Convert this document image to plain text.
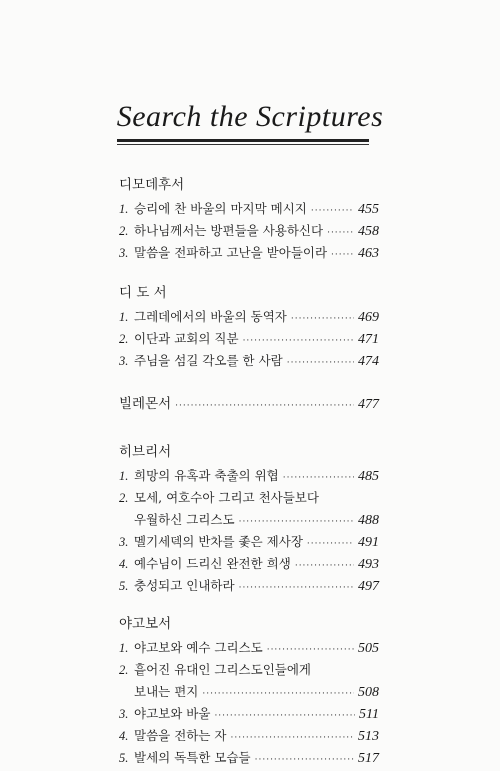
Search the Scriptures
디모데후서
1. 승리에 찬 바울의 마지막 메시지 ·····	455
2. 하나님께서는 방편들을 사용하신다 ····· 458
3. 말씀을 전파하고 고난을 받아들이라 ····· 463
디 도 서
1. 그레데에서의 바울의 동역자 ·····	469
2. 이단과 교회의 직분 ·····	471
3. 주님을 섬길 각오를 한 사람 ·····	474
빌레몬서 ·····	477
히브리서
1. 희망의 유혹과 축출의 위협 ·····	485
2. 모세, 여호수아 그리고 천사들보다
우월하신 그리스도 ·····	488
3. 멜기세덱의 반차를 좇은 제사장 ·····	491
4. 예수님이 드리신 완전한 희생 ·····	493
5. 충성되고 인내하라 ·····	497
야고보서
1. 야고보와 예수 그리스도 ·····	505
2. 흩어진 유대인 그리스도인들에게
보내는 편지 ·····	508
3. 야고보와 바울 ·····	511
4. 말씀을 전하는 자 ·····	513
5. 발세의 독특한 모습들 ·····	517
